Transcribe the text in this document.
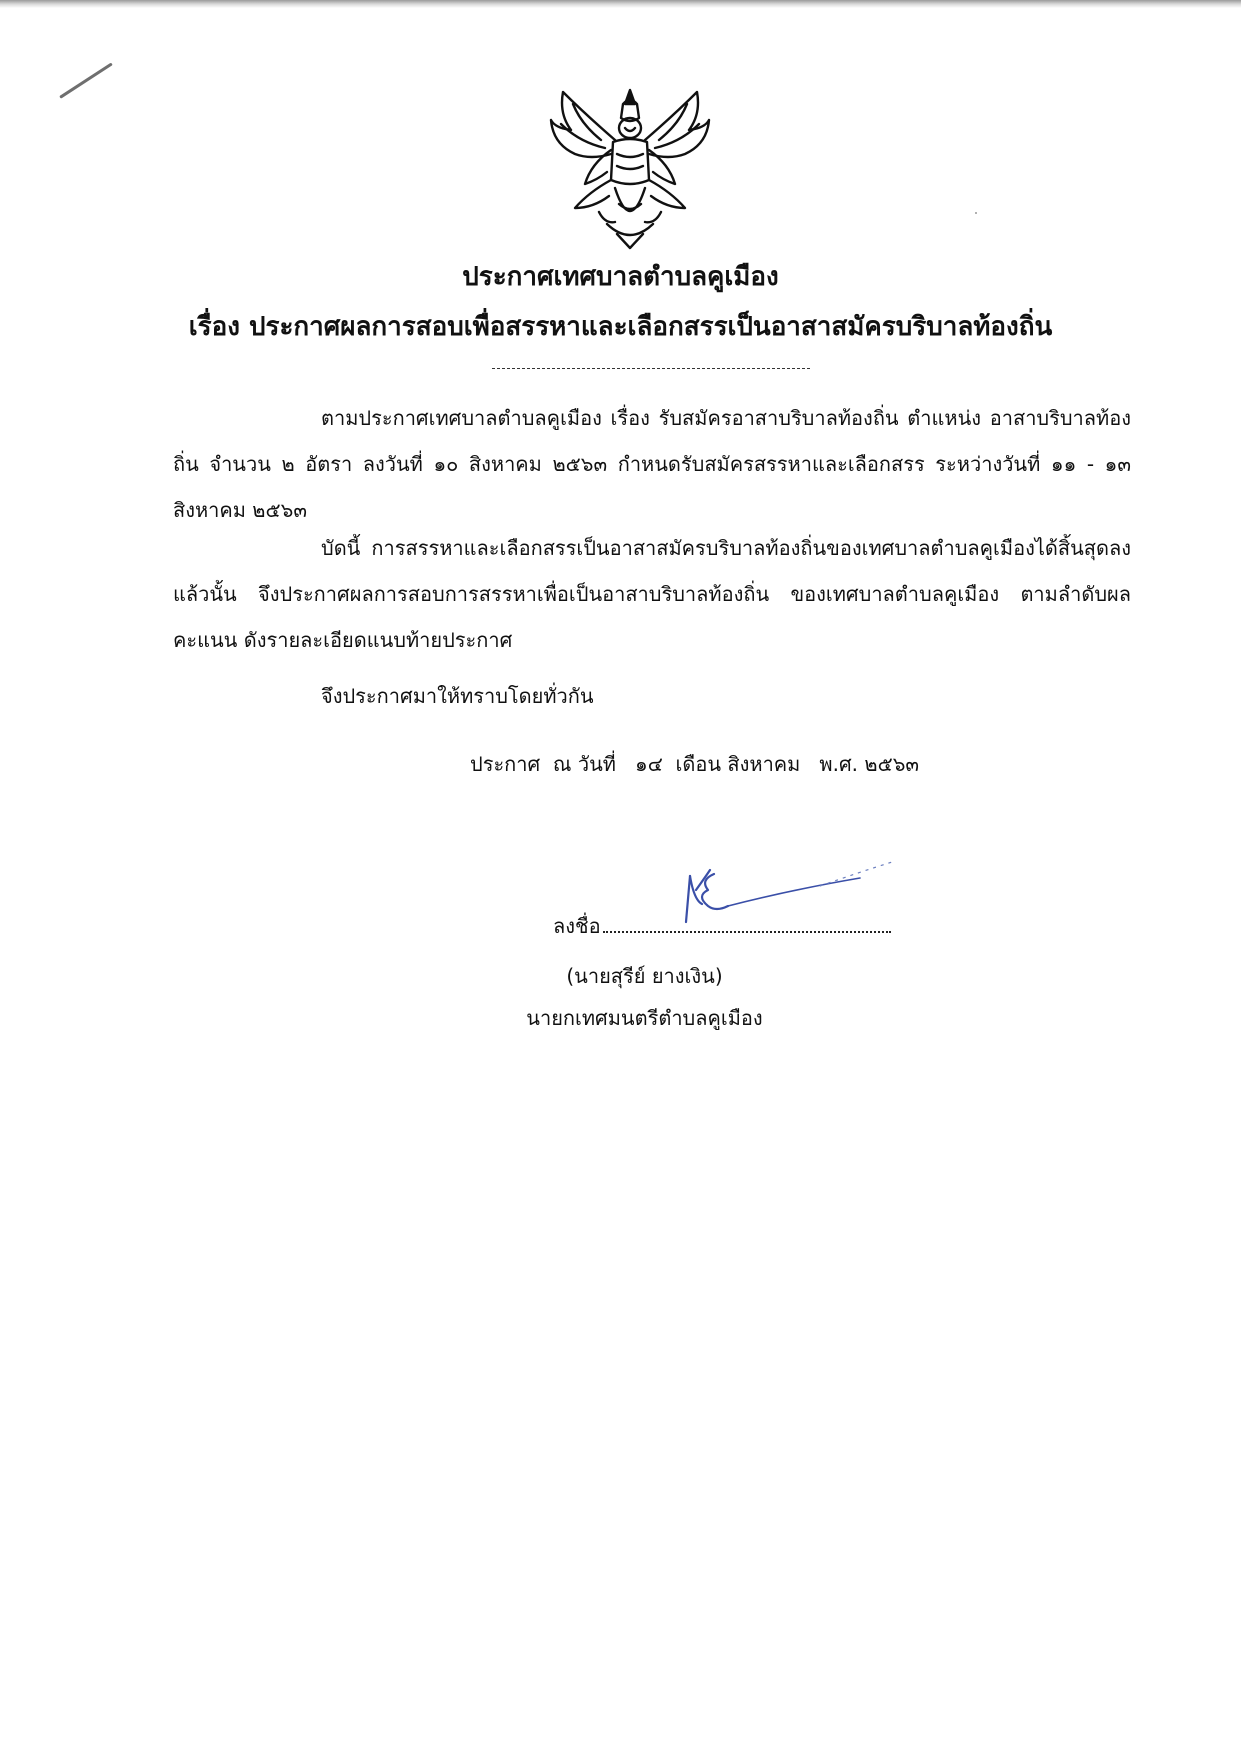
ประกาศเทศบาลตำบลคูเมือง
เรื่อง ประกาศผลการสอบเพื่อสรรหาและเลือกสรรเป็นอาสาสมัครบริบาลท้องถิ่น
ตามประกาศเทศบาลตำบลคูเมือง เรื่อง รับสมัครอาสาบริบาลท้องถิ่น ตำแหน่ง อาสาบริบาลท้องถิ่น จำนวน ๒ อัตรา ลงวันที่ ๑๐ สิงหาคม ๒๕๖๓ กำหนดรับสมัครสรรหาและเลือกสรร ระหว่างวันที่ ๑๑ - ๑๓ สิงหาคม ๒๕๖๓
บัดนี้ การสรรหาและเลือกสรรเป็นอาสาสมัครบริบาลท้องถิ่นของเทศบาลตำบลคูเมืองได้สิ้นสุดลงแล้วนั้น จึงประกาศผลการสอบการสรรหาเพื่อเป็นอาสาบริบาลท้องถิ่น ของเทศบาลตำบลคูเมือง ตามลำดับผลคะแนน ดังรายละเอียดแนบท้ายประกาศ
จึงประกาศมาให้ทราบโดยทั่วกัน
ประกาศ  ณ วันที่   ๑๔  เดือน สิงหาคม   พ.ศ. ๒๕๖๓
ลงชื่อ
(นายสุรีย์ ยางเงิน)
นายกเทศมนตรีตำบลคูเมือง
